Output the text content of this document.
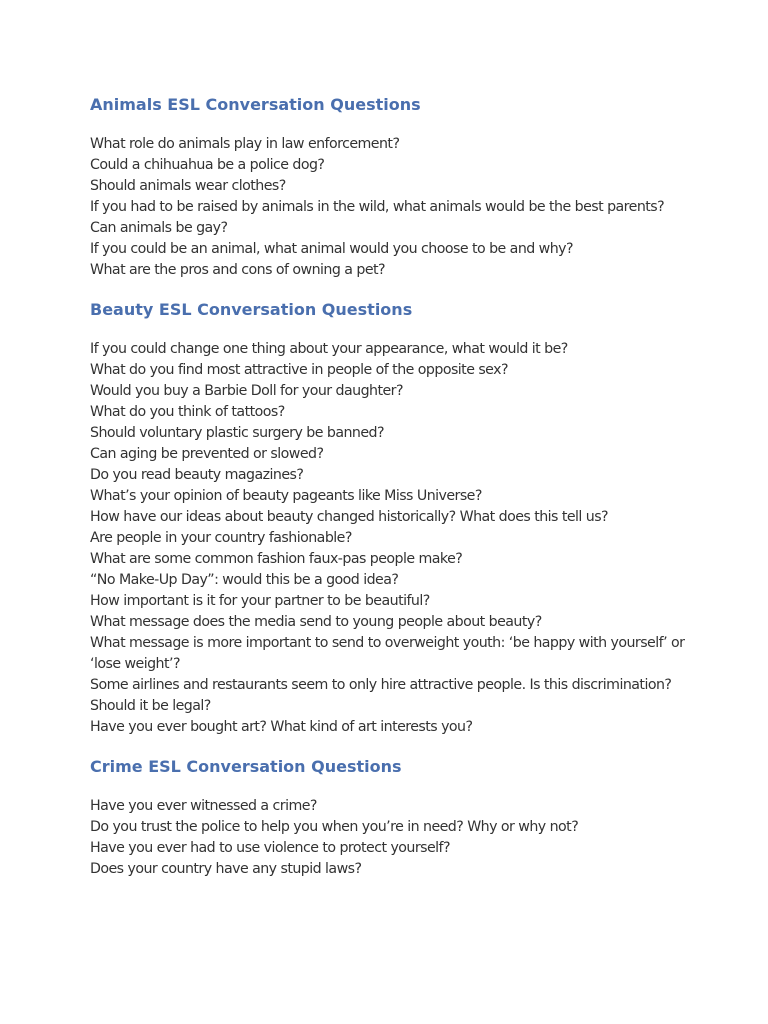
Animals ESL Conversation Questions
What role do animals play in law enforcement?
Could a chihuahua be a police dog?
Should animals wear clothes?
If you had to be raised by animals in the wild, what animals would be the best parents?
Can animals be gay?
If you could be an animal, what animal would you choose to be and why?
What are the pros and cons of owning a pet?
Beauty ESL Conversation Questions
If you could change one thing about your appearance, what would it be?
What do you find most attractive in people of the opposite sex?
Would you buy a Barbie Doll for your daughter?
What do you think of tattoos?
Should voluntary plastic surgery be banned?
Can aging be prevented or slowed?
Do you read beauty magazines?
What’s your opinion of beauty pageants like Miss Universe?
How have our ideas about beauty changed historically? What does this tell us?
Are people in your country fashionable?
What are some common fashion faux-pas people make?
“No Make-Up Day”: would this be a good idea?
How important is it for your partner to be beautiful?
What message does the media send to young people about beauty?
What message is more important to send to overweight youth: ‘be happy with yourself’ or ‘lose weight’?
Some airlines and restaurants seem to only hire attractive people. Is this discrimination? Should it be legal?
Have you ever bought art? What kind of art interests you?
Crime ESL Conversation Questions
Have you ever witnessed a crime?
Do you trust the police to help you when you’re in need? Why or why not?
Have you ever had to use violence to protect yourself?
Does your country have any stupid laws?
